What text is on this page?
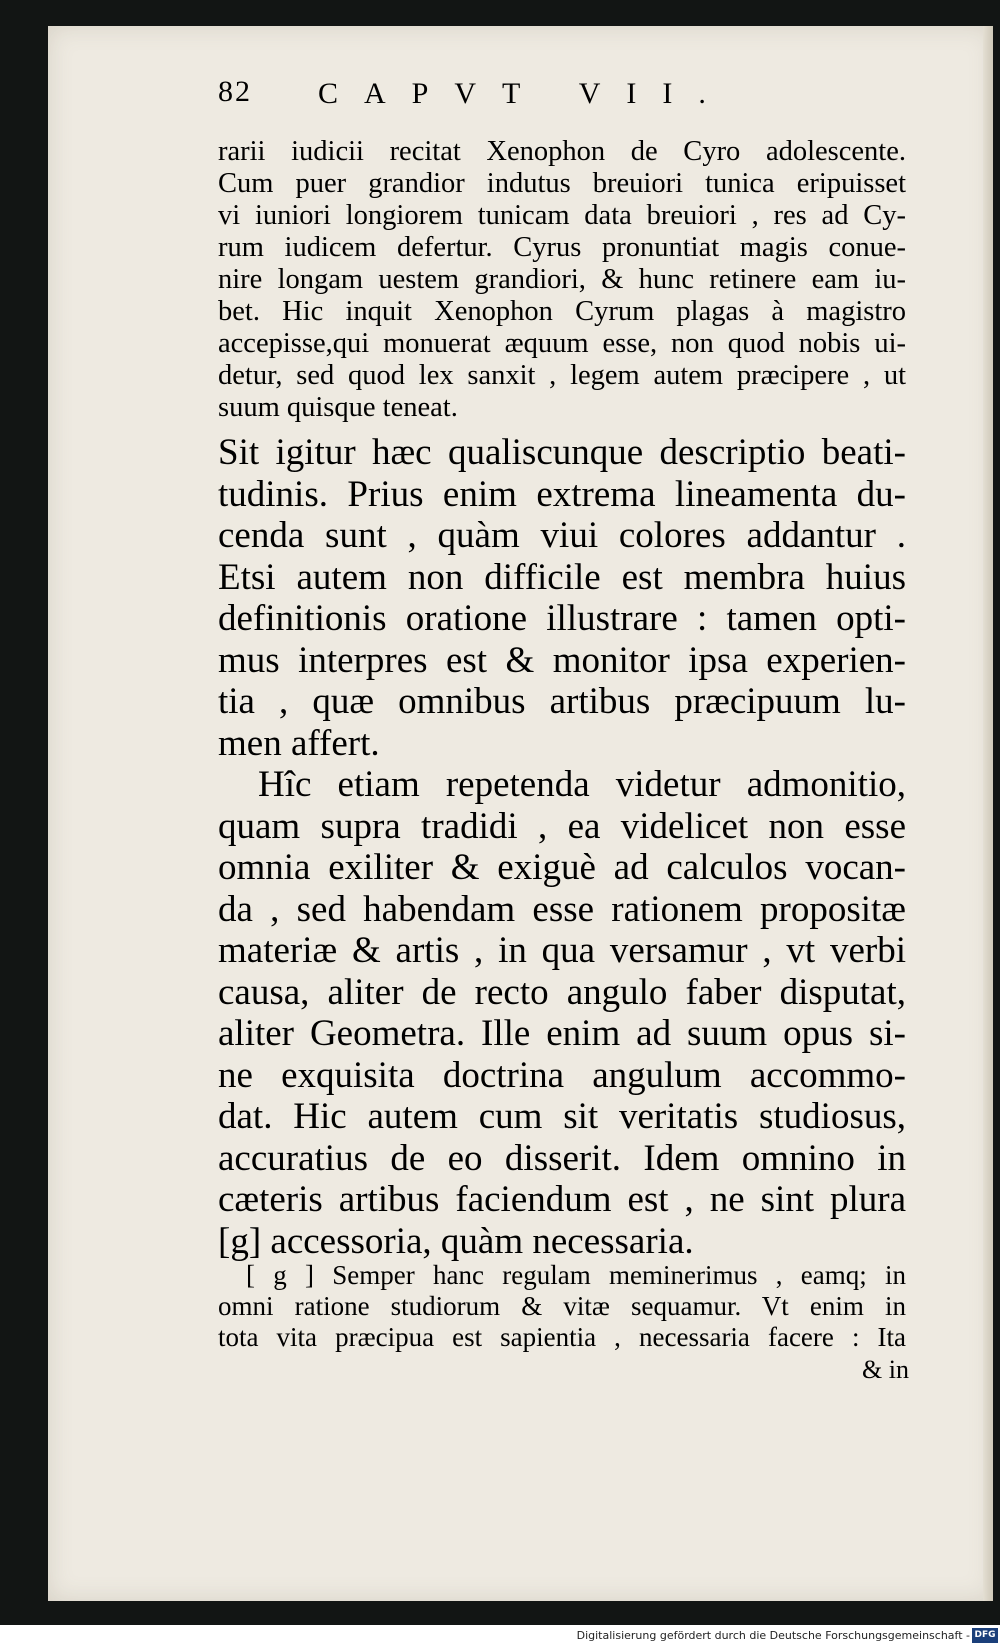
82 CAPVT VII.
rarii iudicii recitat Xenophon de Cyro adolescente.
Cum puer grandior indutus breuiori tunica eripuisset
vi iuniori longiorem tunicam data breuiori , res ad Cy-
rum iudicem defertur. Cyrus pronuntiat magis conue-
nire longam uestem grandiori, & hunc retinere eam iu-
bet. Hic inquit Xenophon Cyrum plagas à magistro
accepisse,qui monuerat æquum esse, non quod nobis ui-
detur, sed quod lex sanxit , legem autem præcipere , ut
suum quisque teneat.
Sit igitur hæc qualiscunque descriptio beati-
tudinis. Prius enim extrema lineamenta du-
cenda sunt , quàm viui colores addantur .
Etsi autem non difficile est membra huius
definitionis oratione illustrare : tamen opti-
mus interpres est & monitor ipsa experien-
tia , quæ omnibus artibus præcipuum lu-
men affert.
Hîc etiam repetenda videtur admonitio,
quam supra tradidi , ea videlicet non esse
omnia exiliter & exiguè ad calculos vocan-
da , sed habendam esse rationem propositæ
materiæ & artis , in qua versamur , vt verbi
causa, aliter de recto angulo faber disputat,
aliter Geometra. Ille enim ad suum opus si-
ne exquisita doctrina angulum accommo-
dat. Hic autem cum sit veritatis studiosus,
accuratius de eo disserit. Idem omnino in
cæteris artibus faciendum est , ne sint plura
[g] accessoria, quàm necessaria.
[ g ] Semper hanc regulam meminerimus , eamq; in
omni ratione studiorum & vitæ sequamur. Vt enim in
tota vita præcipua est sapientia , necessaria facere : Ita
& in
Digitalisierung gefördert durch die Deutsche Forschungsgemeinschaft - DFG
